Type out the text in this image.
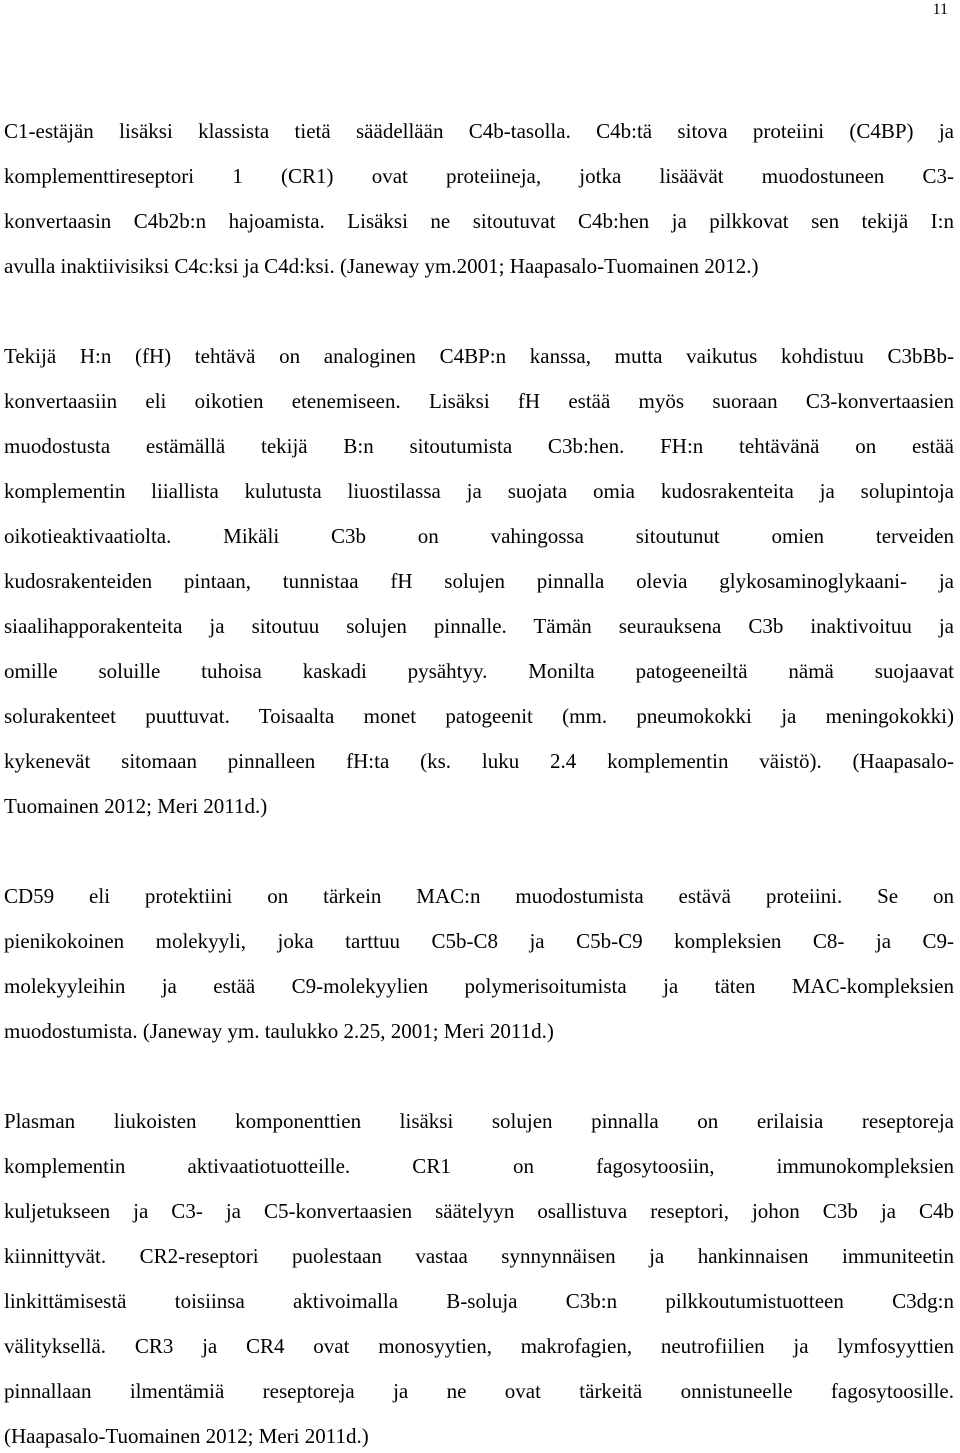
11
C1-estäjän lisäksi klassista tietä säädellään C4b-tasolla. C4b:tä sitova proteiini (C4BP) ja
komplementtireseptori 1 (CR1) ovat proteiineja, jotka lisäävät muodostuneen C3-
konvertaasin C4b2b:n hajoamista. Lisäksi ne sitoutuvat C4b:hen ja pilkkovat sen tekijä I:n
avulla inaktiivisiksi C4c:ksi ja C4d:ksi. (Janeway ym.2001; Haapasalo-Tuomainen 2012.)
Tekijä H:n (fH) tehtävä on analoginen C4BP:n kanssa, mutta vaikutus kohdistuu C3bBb-
konvertaasiin eli oikotien etenemiseen. Lisäksi fH estää myös suoraan C3-konvertaasien
muodostusta estämällä tekijä B:n sitoutumista C3b:hen. FH:n tehtävänä on estää
komplementin liiallista kulutusta liuostilassa ja suojata omia kudosrakenteita ja solupintoja
oikotieaktivaatiolta. Mikäli C3b on vahingossa sitoutunut omien terveiden
kudosrakenteiden pintaan, tunnistaa fH solujen pinnalla olevia glykosaminoglykaani- ja
siaalihapporakenteita ja sitoutuu solujen pinnalle. Tämän seurauksena C3b inaktivoituu ja
omille soluille tuhoisa kaskadi pysähtyy. Monilta patogeeneiltä nämä suojaavat
solurakenteet puuttuvat. Toisaalta monet patogeenit (mm. pneumokokki ja meningokokki)
kykenevät sitomaan pinnalleen fH:ta (ks. luku 2.4 komplementin väistö). (Haapasalo-
Tuomainen 2012; Meri 2011d.)
CD59 eli protektiini on tärkein MAC:n muodostumista estävä proteiini. Se on
pienikokoinen molekyyli, joka tarttuu C5b-C8 ja C5b-C9 kompleksien C8- ja C9-
molekyyleihin ja estää C9-molekyylien polymerisoitumista ja täten MAC-kompleksien
muodostumista. (Janeway ym. taulukko 2.25, 2001; Meri 2011d.)
Plasman liukoisten komponenttien lisäksi solujen pinnalla on erilaisia reseptoreja
komplementin aktivaatiotuotteille. CR1 on fagosytoosiin, immunokompleksien
kuljetukseen ja C3- ja C5-konvertaasien säätelyyn osallistuva reseptori, johon C3b ja C4b
kiinnittyvät. CR2-reseptori puolestaan vastaa synnynnäisen ja hankinnaisen immuniteetin
linkittämisestä toisiinsa aktivoimalla B-soluja C3b:n pilkkoutumistuotteen C3dg:n
välityksellä. CR3 ja CR4 ovat monosyytien, makrofagien, neutrofiilien ja lymfosyyttien
pinnallaan ilmentämiä reseptoreja ja ne ovat tärkeitä onnistuneelle fagosytoosille.
(Haapasalo-Tuomainen 2012; Meri 2011d.)
